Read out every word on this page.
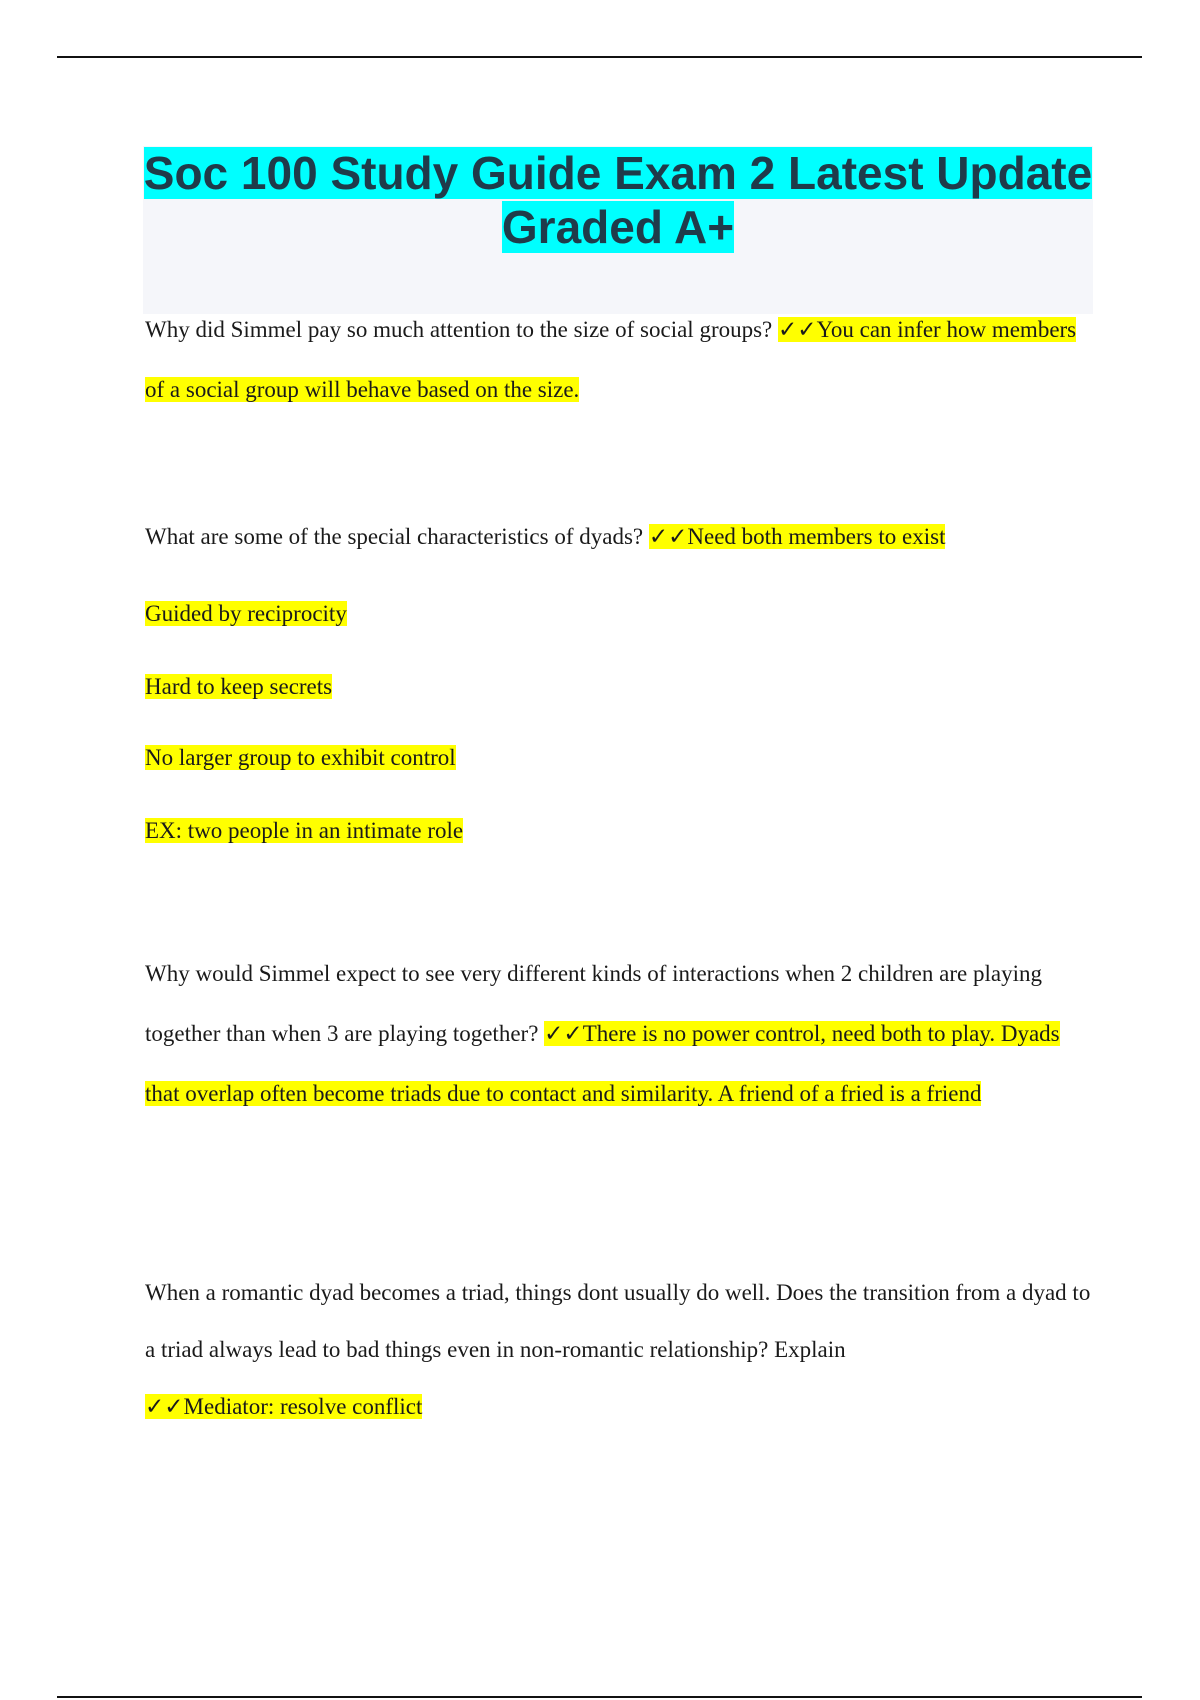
Soc 100 Study Guide Exam 2 Latest Update Graded A+

Why did Simmel pay so much attention to the size of social groups? ✓✓You can infer how members of a social group will behave based on the size.

What are some of the special characteristics of dyads? ✓✓Need both members to exist

Guided by reciprocity

Hard to keep secrets

No larger group to exhibit control

EX: two people in an intimate role

Why would Simmel expect to see very different kinds of interactions when 2 children are playing together than when 3 are playing together? ✓✓There is no power control, need both to play. Dyads that overlap often become triads due to contact and similarity. A friend of a fried is a friend

When a romantic dyad becomes a triad, things dont usually do well. Does the transition from a dyad to a triad always lead to bad things even in non-romantic relationship? Explain
✓✓Mediator: resolve conflict
